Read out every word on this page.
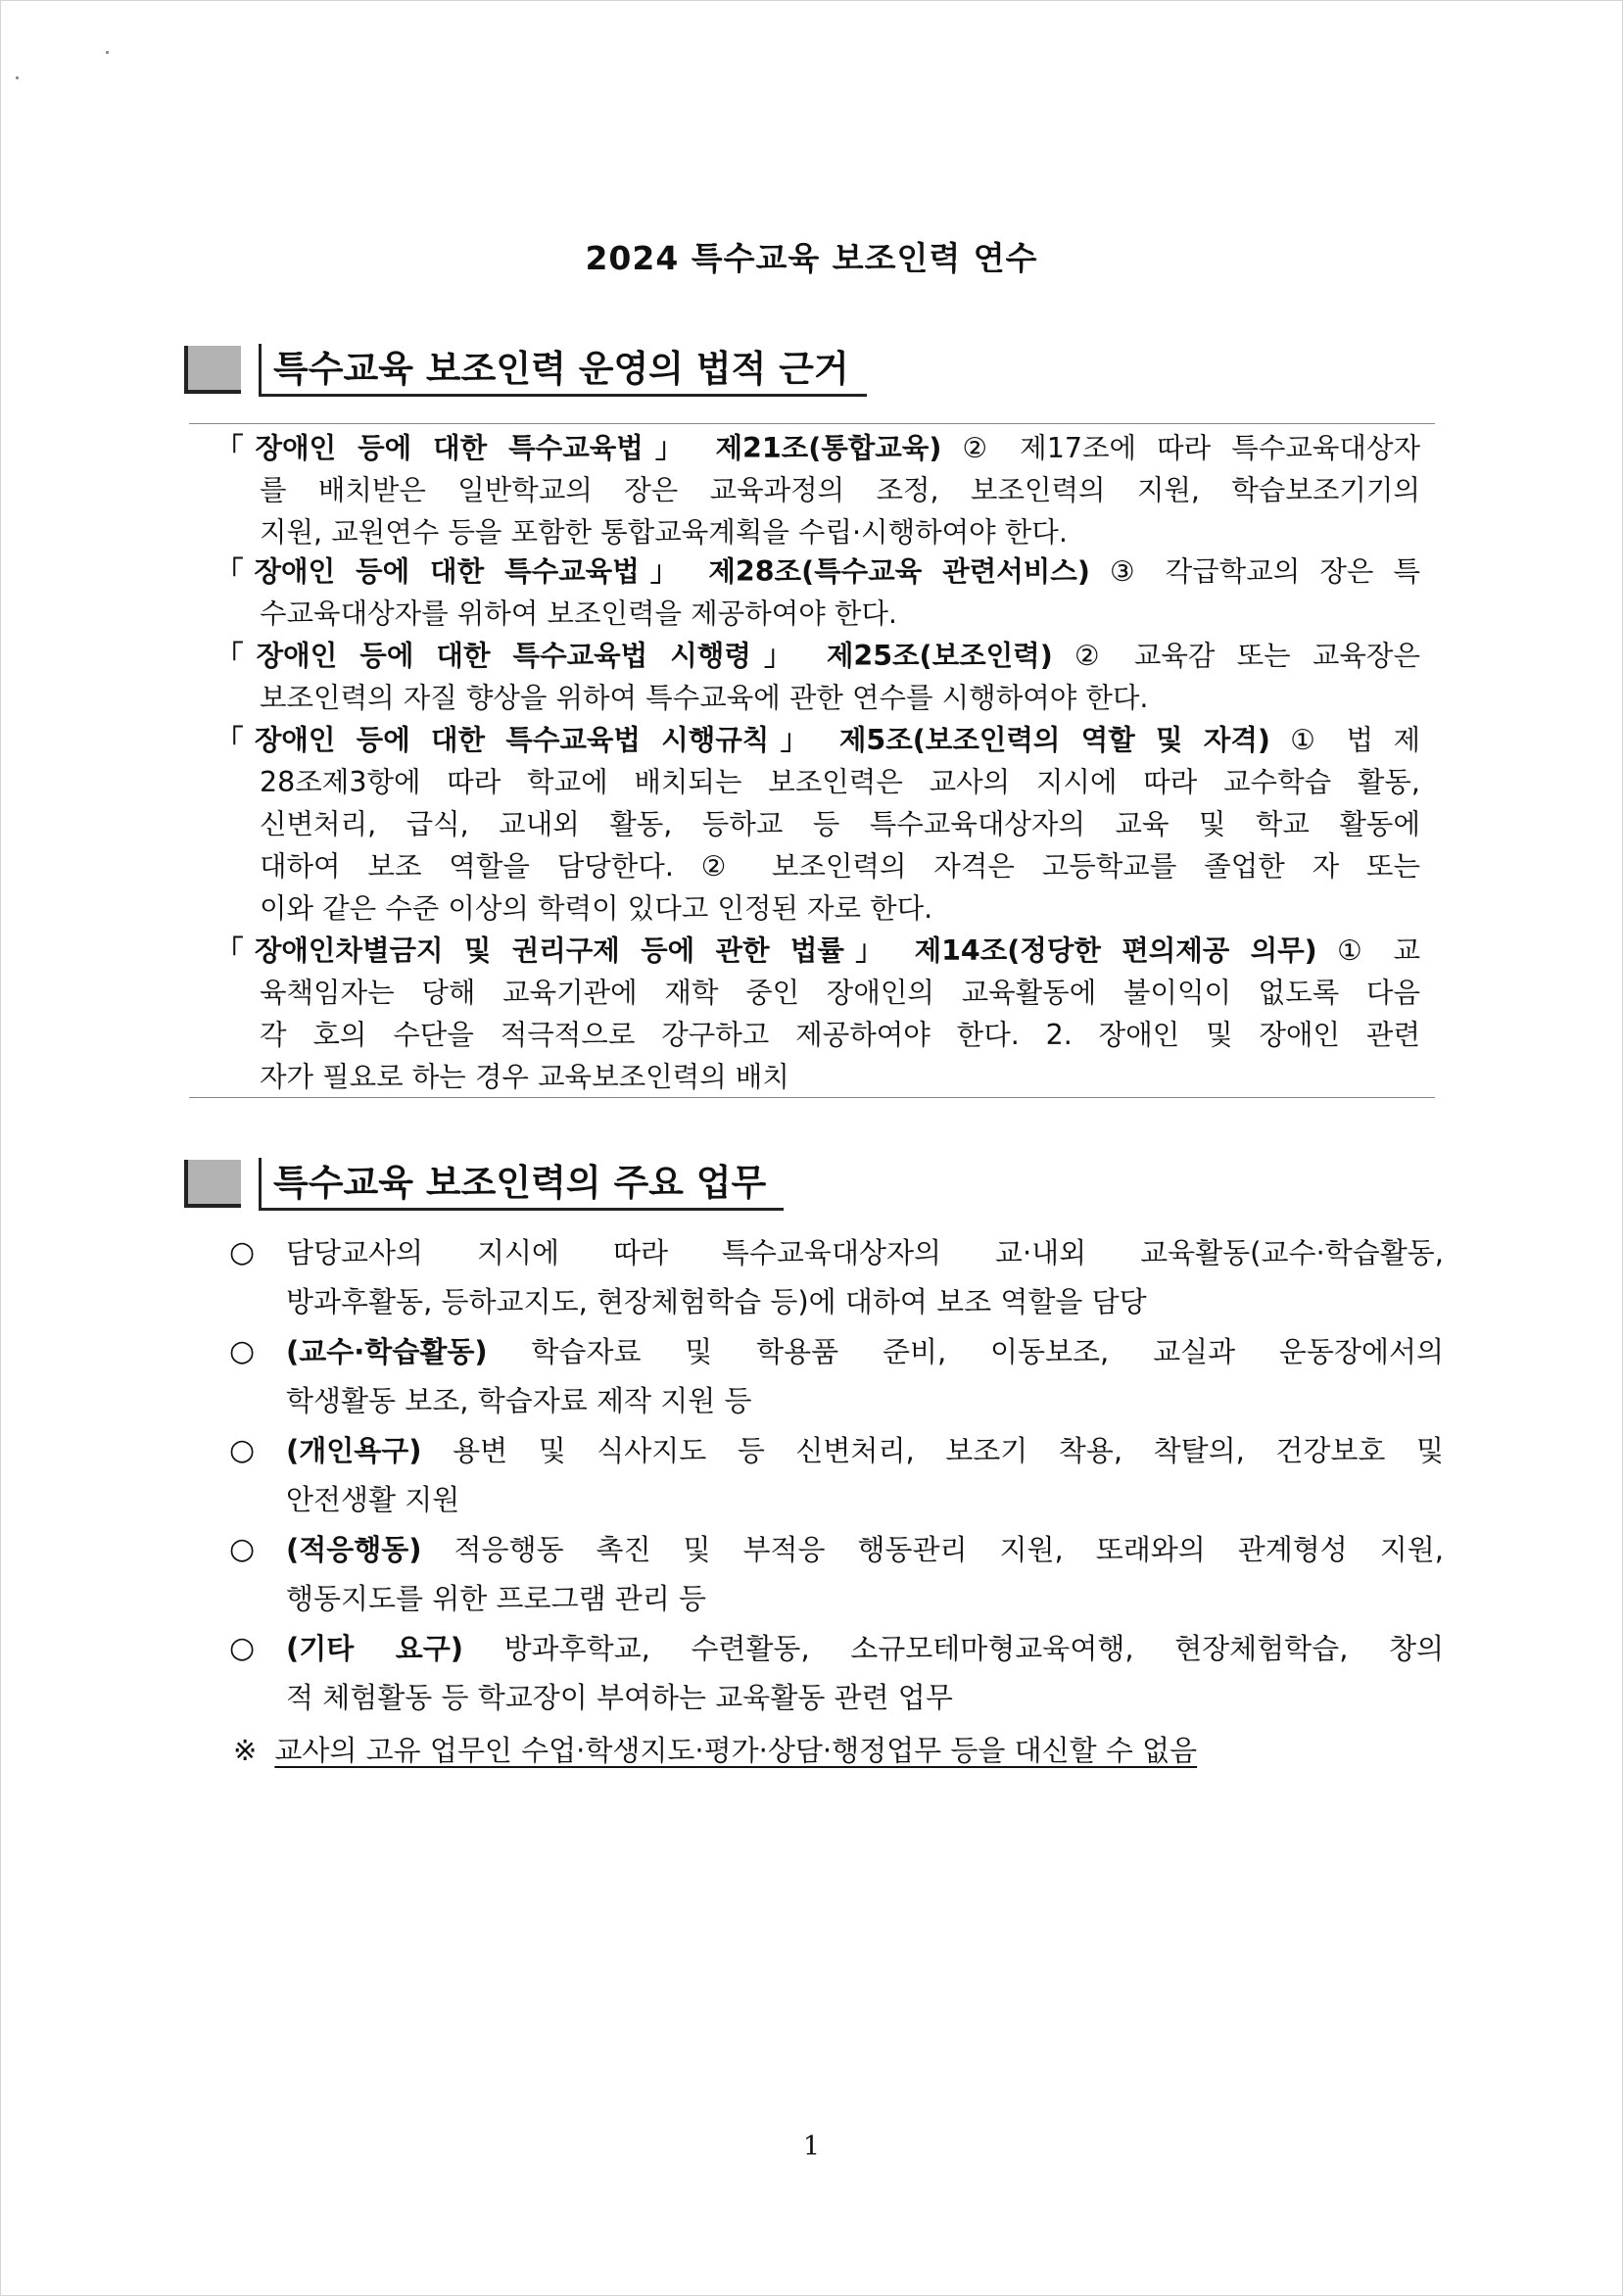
2024 특수교육 보조인력 연수
특수교육 보조인력 운영의 법적 근거

「장애인 등에 대한 특수교육법」 제21조(통합교육) ② 제17조에 따라 특수교육대상자
를 배치받은 일반학교의 장은 교육과정의 조정, 보조인력의 지원, 학습보조기기의
지원, 교원연수 등을 포함한 통합교육계획을 수립·시행하여야 한다.

「장애인 등에 대한 특수교육법」 제28조(특수교육 관련서비스) ③ 각급학교의 장은 특
수교육대상자를 위하여 보조인력을 제공하여야 한다.

「장애인 등에 대한 특수교육법 시행령」 제25조(보조인력) ② 교육감 또는 교육장은
보조인력의 자질 향상을 위하여 특수교육에 관한 연수를 시행하여야 한다.

「장애인 등에 대한 특수교육법 시행규칙」 제5조(보조인력의 역할 및 자격) ① 법 제
28조제3항에 따라 학교에 배치되는 보조인력은 교사의 지시에 따라 교수학습 활동,
신변처리, 급식, 교내외 활동, 등하교 등 특수교육대상자의 교육 및 학교 활동에
대하여 보조 역할을 담당한다. ② 보조인력의 자격은 고등학교를 졸업한 자 또는
이와 같은 수준 이상의 학력이 있다고 인정된 자로 한다.

「장애인차별금지 및 권리구제 등에 관한 법률」 제14조(정당한 편의제공 의무) ① 교
육책임자는 당해 교육기관에 재학 중인 장애인의 교육활동에 불이익이 없도록 다음
각 호의 수단을 적극적으로 강구하고 제공하여야 한다. 2. 장애인 및 장애인 관련
자가 필요로 하는 경우 교육보조인력의 배치

특수교육 보조인력의 주요 업무
○	담당교사의 지시에 따라 특수교육대상자의 교·내외 교육활동(교수·학습활동,
방과후활동, 등하교지도, 현장체험학습 등)에 대하여 보조 역할을 담당
○	(교수·학습활동) 학습자료 및 학용품 준비, 이동보조, 교실과 운동장에서의
학생활동 보조, 학습자료 제작 지원 등
○	(개인욕구) 용변 및 식사지도 등 신변처리, 보조기 착용, 착탈의, 건강보호 및
안전생활 지원
○	(적응행동) 적응행동 촉진 및 부적응 행동관리 지원, 또래와의 관계형성 지원,
행동지도를 위한 프로그램 관리 등
○	(기타 요구) 방과후학교, 수련활동, 소규모테마형교육여행, 현장체험학습, 창의
적 체험활동 등 학교장이 부여하는 교육활동 관련 업무
※ 교사의 고유 업무인 수업·학생지도·평가·상담·행정업무 등을 대신할 수 없음
1
